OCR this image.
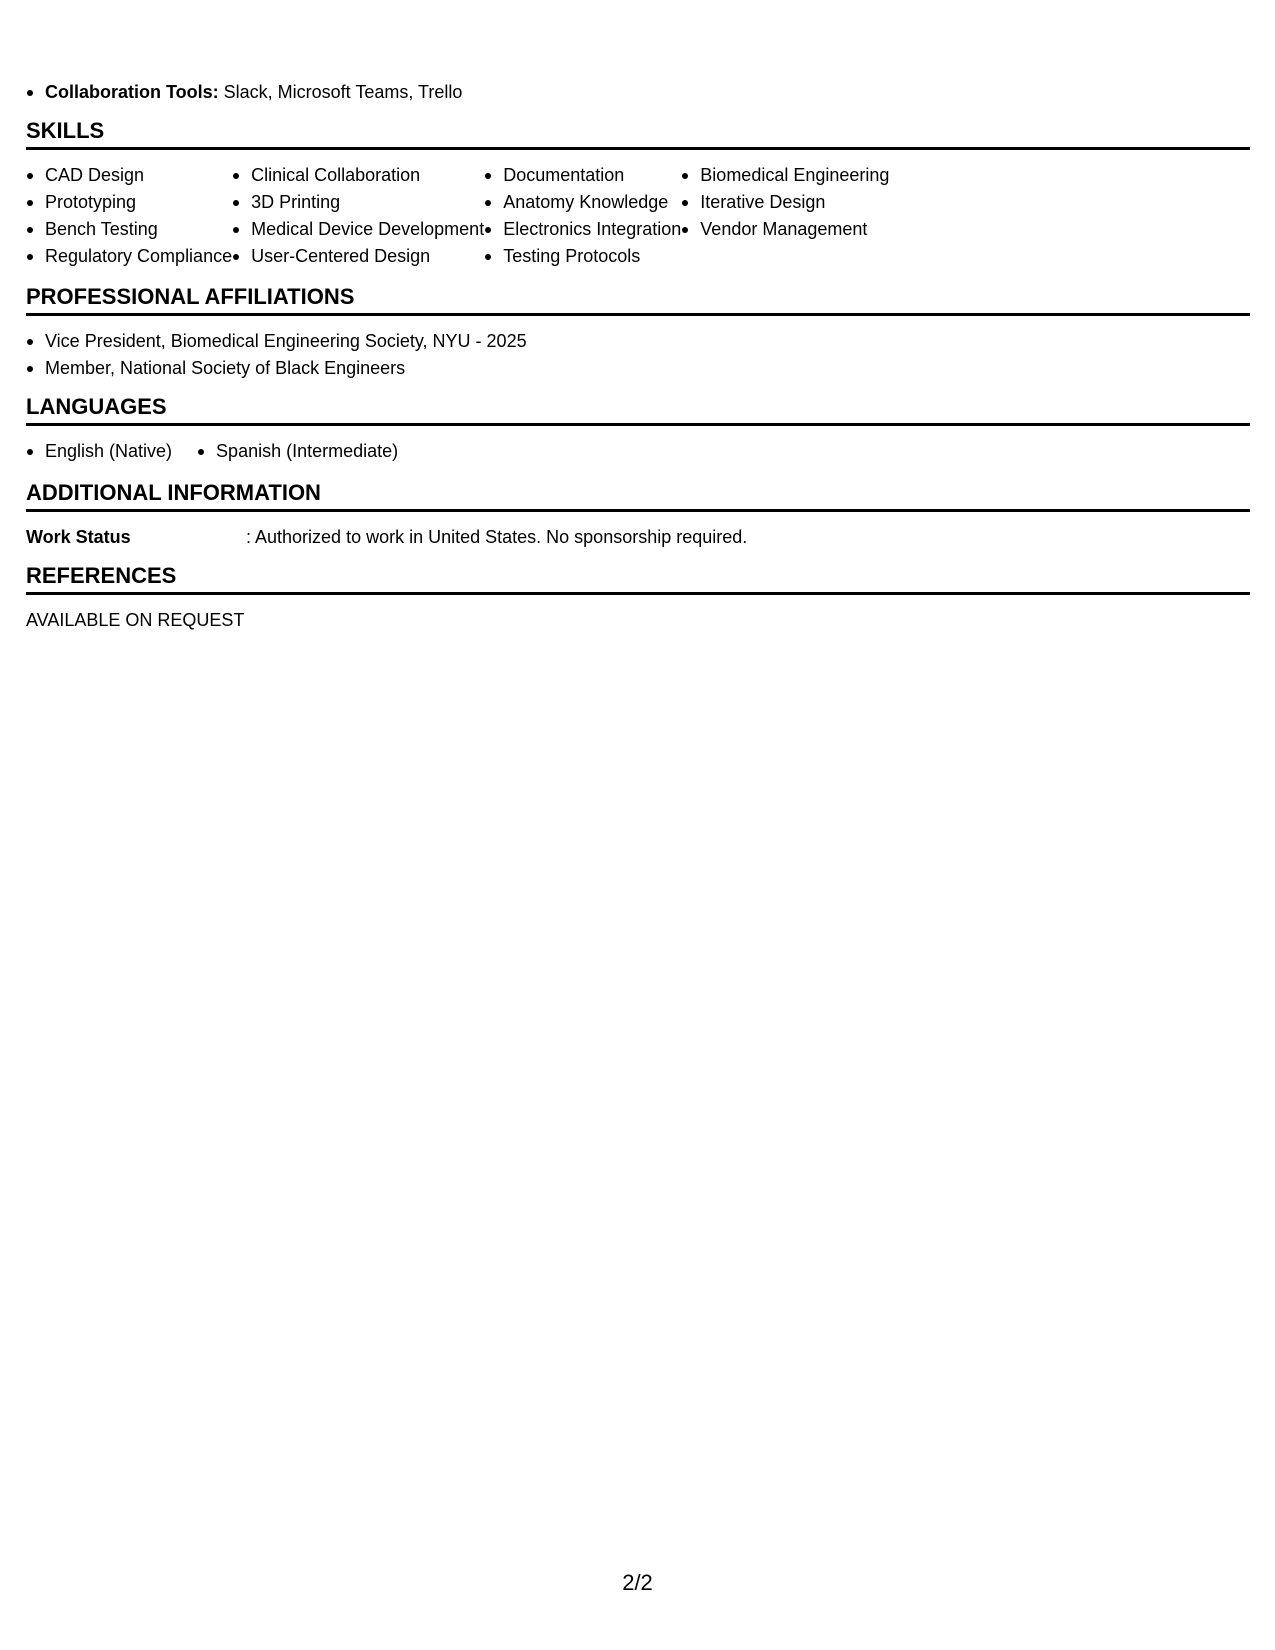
Collaboration Tools: Slack, Microsoft Teams, Trello
SKILLS
CAD Design
Prototyping
Bench Testing
Regulatory Compliance
Clinical Collaboration
3D Printing
Medical Device Development
User-Centered Design
Documentation
Anatomy Knowledge
Electronics Integration
Testing Protocols
Biomedical Engineering
Iterative Design
Vendor Management
PROFESSIONAL AFFILIATIONS
Vice President, Biomedical Engineering Society, NYU - 2025
Member, National Society of Black Engineers
LANGUAGES
English (Native)	Spanish (Intermediate)
ADDITIONAL INFORMATION
Work Status	: Authorized to work in United States. No sponsorship required.
REFERENCES
AVAILABLE ON REQUEST
2/2
